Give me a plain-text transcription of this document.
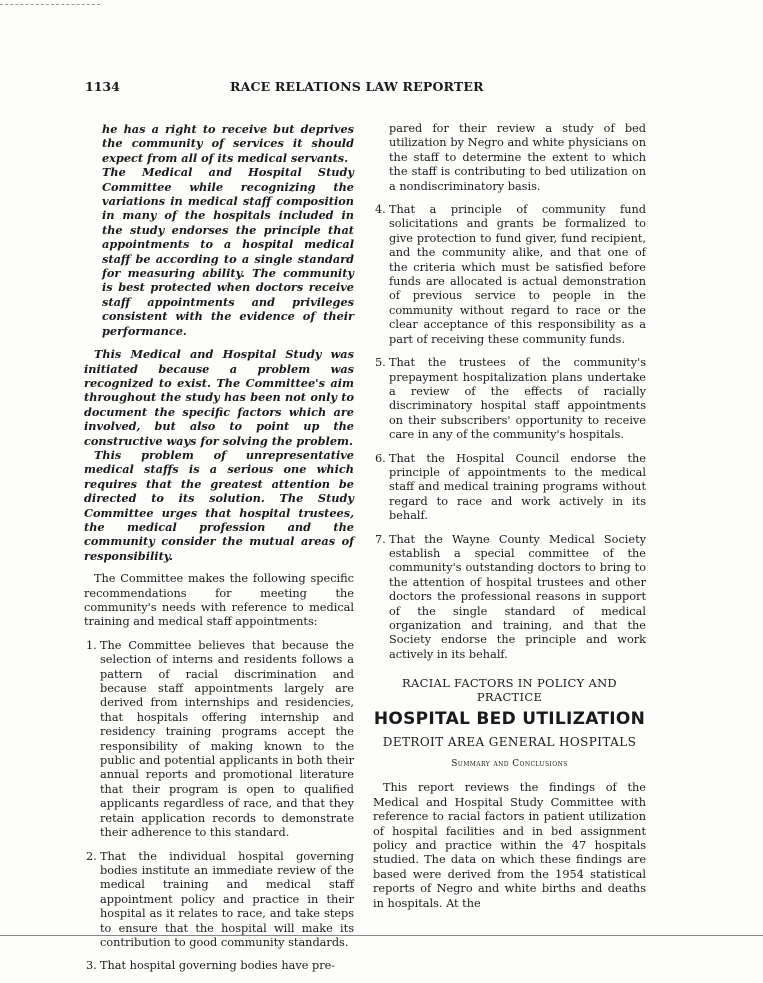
1134	RACE RELATIONS LAW REPORTER

he has a right to receive but deprives the community of services it should expect from all of its medical servants.

The Medical and Hospital Study Committee while recognizing the variations in medical staff composition in many of the hospitals included in the study endorses the principle that appointments to a hospital medical staff be according to a single standard for measuring ability. The community is best protected when doctors receive staff appointments and privileges consistent with the evidence of their performance.

This Medical and Hospital Study was initiated because a problem was recognized to exist. The Committee's aim throughout the study has been not only to document the specific factors which are involved, but also to point up the constructive ways for solving the problem.

This problem of unrepresentative medical staffs is a serious one which requires that the greatest attention be directed to its solution. The Study Committee urges that hospital trustees, the medical profession and the community consider the mutual areas of responsibility.

The Committee makes the following specific recommendations for meeting the community's needs with reference to medical training and medical staff appointments:

1. The Committee believes that because the selection of interns and residents follows a pattern of racial discrimination and because staff appointments largely are derived from internships and residencies, that hospitals offering internship and residency training programs accept the responsibility of making known to the public and potential applicants in both their annual reports and promotional literature that their program is open to qualified applicants regardless of race, and that they retain application records to demonstrate their adherence to this standard.
2. That the individual hospital governing bodies institute an immediate review of the medical training and medical staff appointment policy and practice in their hospital as it relates to race, and take steps to ensure that the hospital will make its contribution to good community standards.
3. That hospital governing bodies have pre-

pared for their review a study of bed utilization by Negro and white physicians on the staff to determine the extent to which the staff is contributing to bed utilization on a nondiscriminatory basis.

4. That a principle of community fund solicitations and grants be formalized to give protection to fund giver, fund recipient, and the community alike, and that one of the criteria which must be satisfied before funds are allocated is actual demonstration of previous service to people in the community without regard to race or the clear acceptance of this responsibility as a part of receiving these community funds.
5. That the trustees of the community's prepayment hospitalization plans undertake a review of the effects of racially discriminatory hospital staff appointments on their subscribers' opportunity to receive care in any of the community's hospitals.
6. That the Hospital Council endorse the principle of appointments to the medical staff and medical training programs without regard to race and work actively in its behalf.
7. That the Wayne County Medical Society establish a special committee of the community's outstanding doctors to bring to the attention of hospital trustees and other doctors the professional reasons in support of the single standard of medical organization and training, and that the Society endorse the principle and work actively in its behalf.
RACIAL FACTORS IN POLICY AND PRACTICE
HOSPITAL BED UTILIZATION
DETROIT AREA GENERAL HOSPITALS
Summary and Conclusions

This report reviews the findings of the Medical and Hospital Study Committee with reference to racial factors in patient utilization of hospital facilities and in bed assignment policy and practice within the 47 hospitals studied. The data on which these findings are based were derived from the 1954 statistical reports of Negro and white births and deaths in hospitals. At the
